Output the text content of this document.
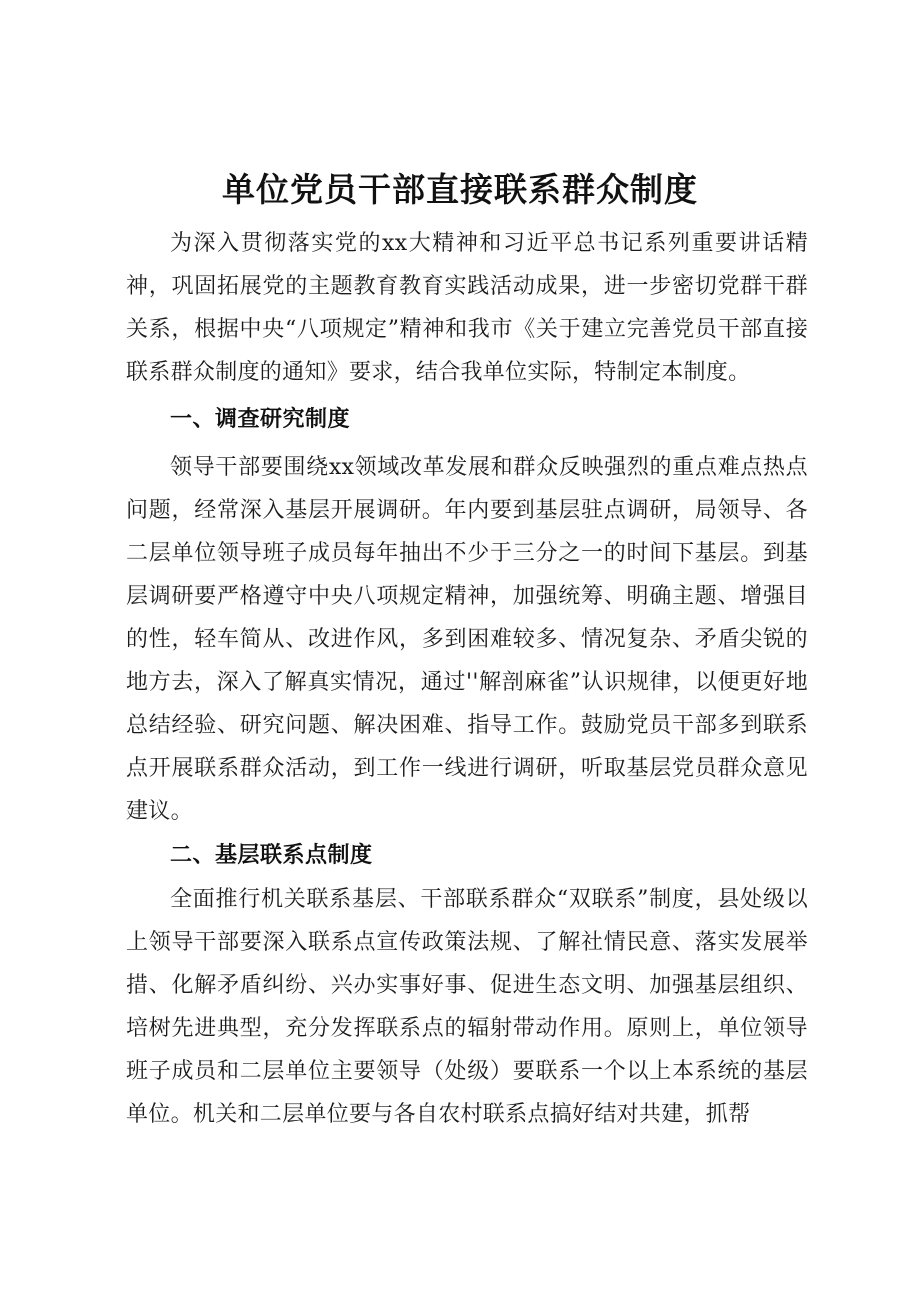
单位党员干部直接联系群众制度

为深入贯彻落实党的xx大精神和习近平总书记系列重要讲话精神，巩固拓展党的主题教育教育实践活动成果，进一步密切党群干群关系，根据中央“八项规定”精神和我市《关于建立完善党员干部直接联系群众制度的通知》要求，结合我单位实际，特制定本制度。

一、调查研究制度

领导干部要围绕xx领域改革发展和群众反映强烈的重点难点热点问题，经常深入基层开展调研。年内要到基层驻点调研，局领导、各二层单位领导班子成员每年抽出不少于三分之一的时间下基层。到基层调研要严格遵守中央八项规定精神，加强统筹、明确主题、增强目的性，轻车简从、改进作风，多到困难较多、情况复杂、矛盾尖锐的地方去，深入了解真实情况，通过''解剖麻雀”认识规律，以便更好地总结经验、研究问题、解决困难、指导工作。鼓励党员干部多到联系点开展联系群众活动，到工作一线进行调研，听取基层党员群众意见建议。

二、基层联系点制度

全面推行机关联系基层、干部联系群众“双联系”制度，县处级以上领导干部要深入联系点宣传政策法规、了解社情民意、落实发展举措、化解矛盾纠纷、兴办实事好事、促进生态文明、加强基层组织、培树先进典型，充分发挥联系点的辐射带动作用。原则上，单位领导班子成员和二层单位主要领导（处级）要联系一个以上本系统的基层单位。机关和二层单位要与各自农村联系点搞好结对共建，抓帮
